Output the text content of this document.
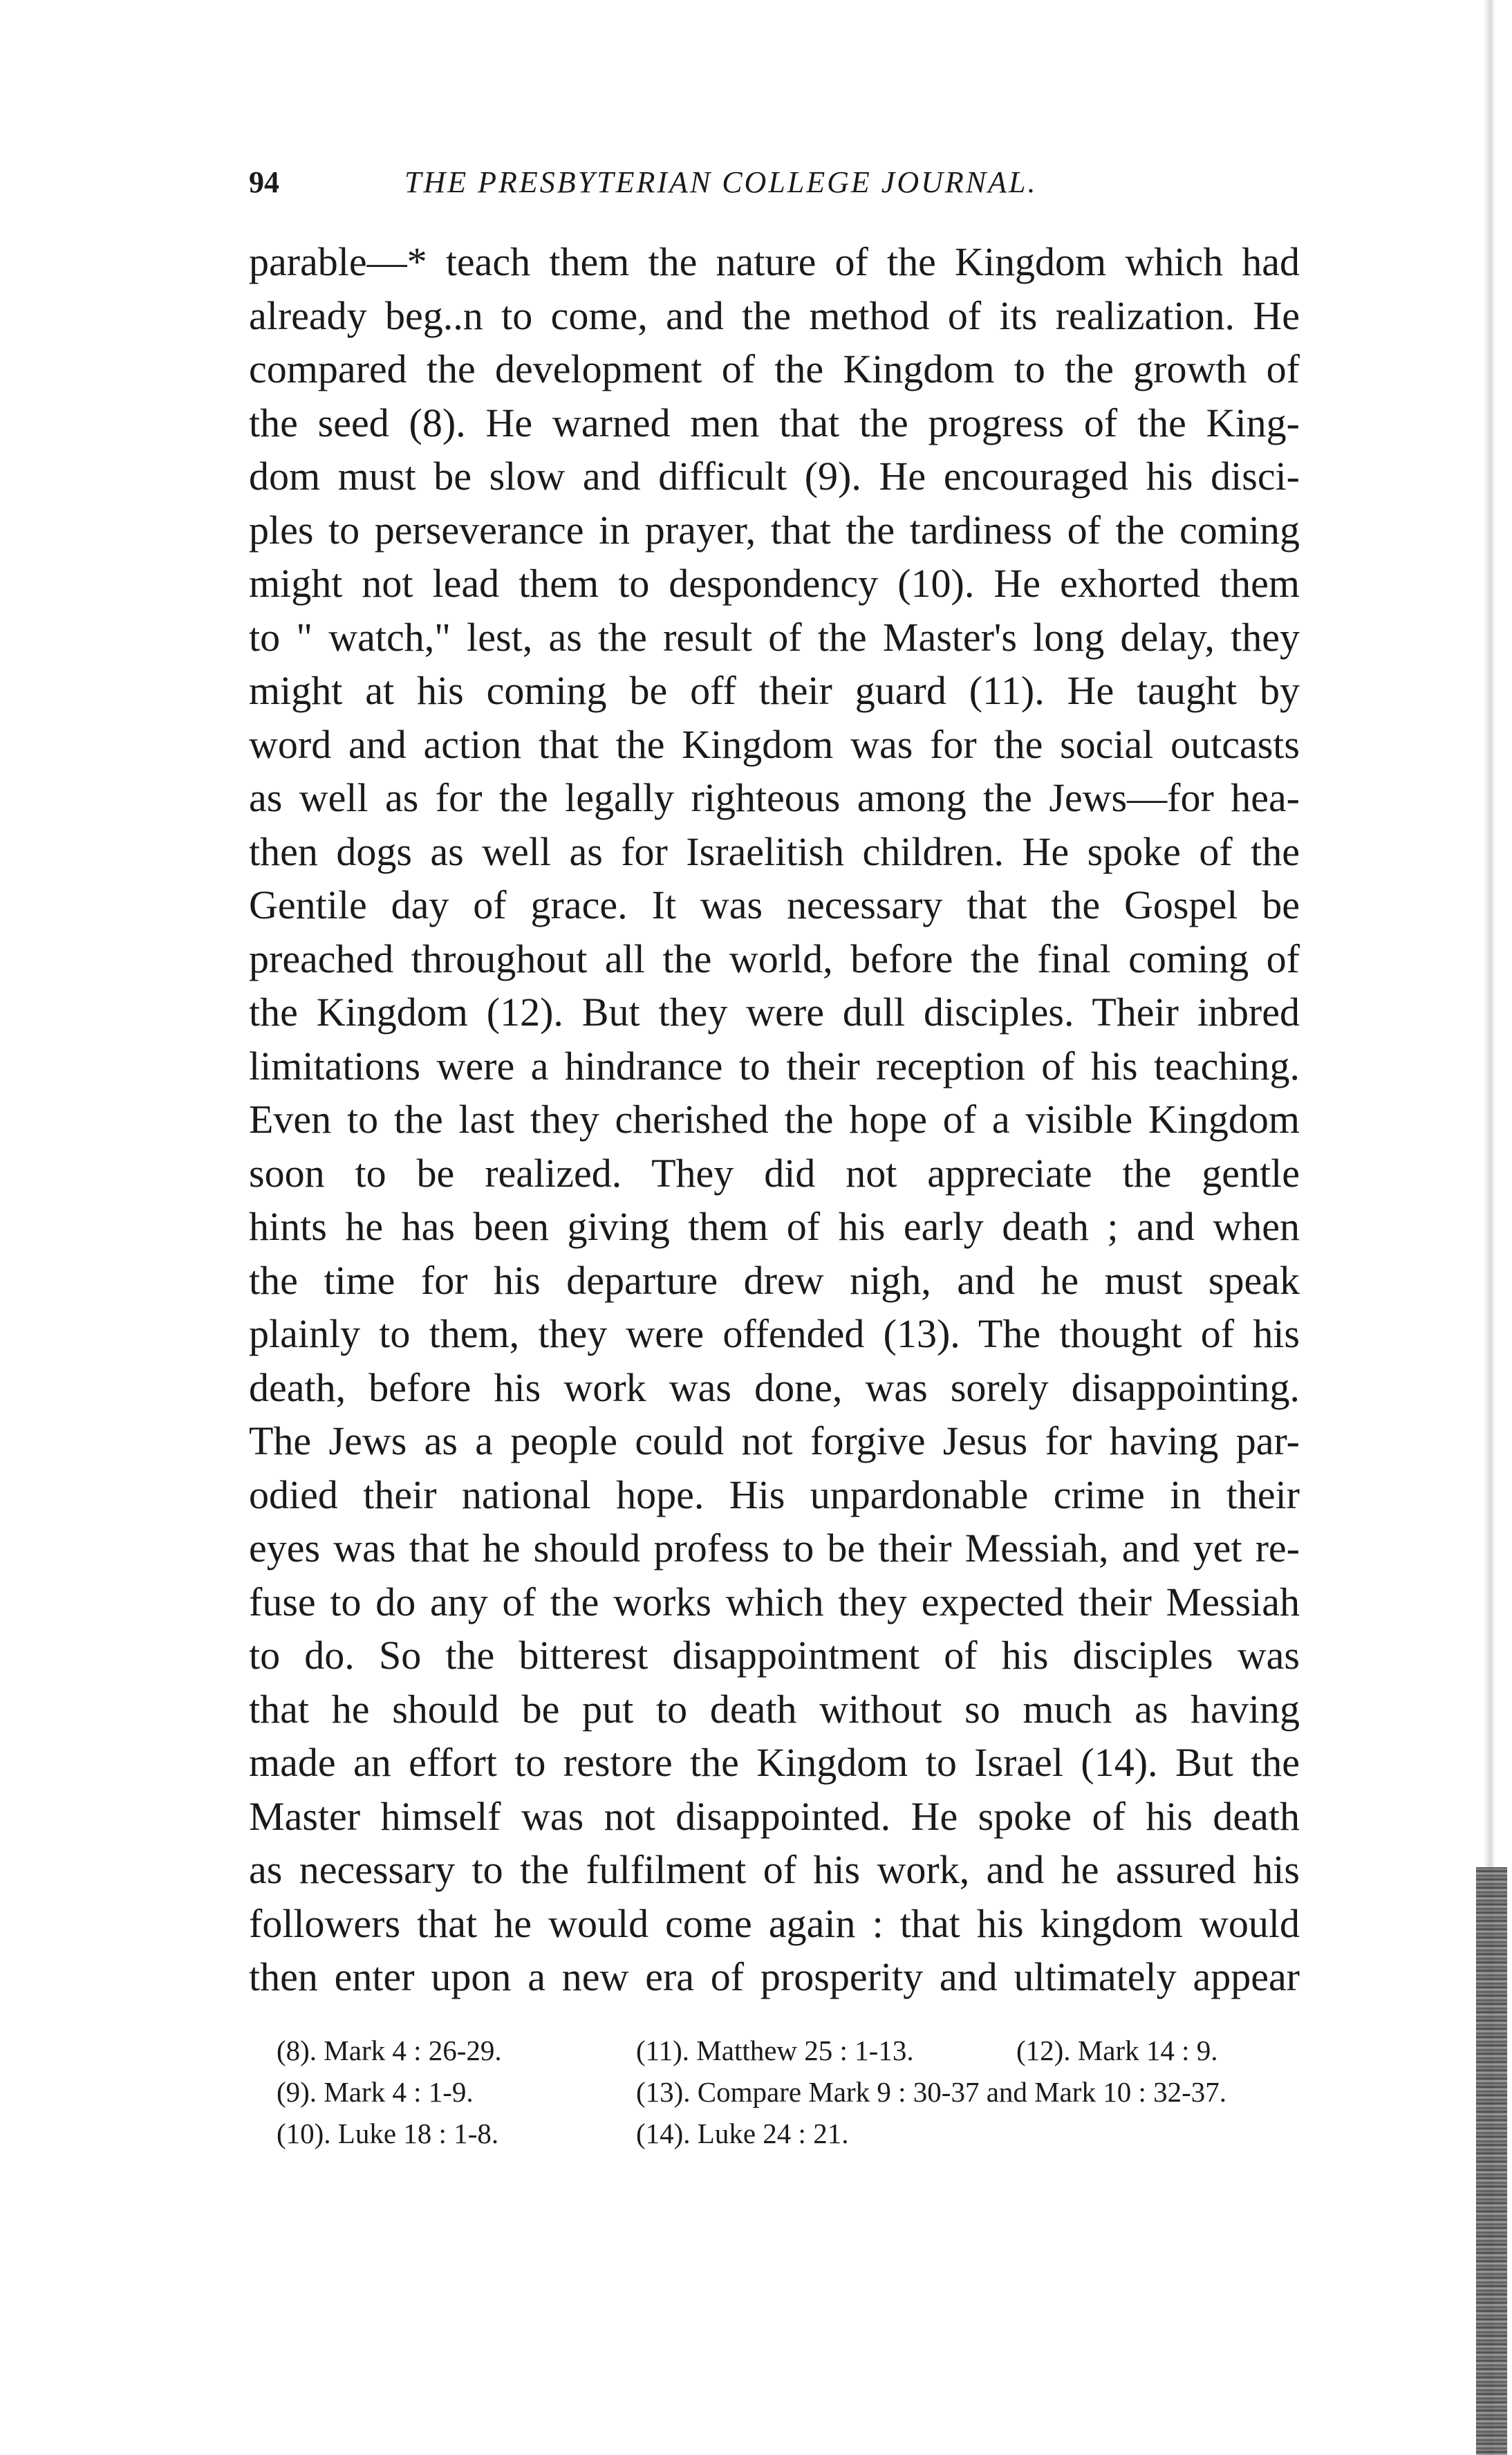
94	THE PRESBYTERIAN COLLEGE JOURNAL.
parable—* teach them the nature of the Kingdom which had
already beg..n to come, and the method of its realization. He
compared the development of the Kingdom to the growth of
the seed (8). He warned men that the progress of the King-
dom must be slow and difficult (9). He encouraged his disci-
ples to perseverance in prayer, that the tardiness of the coming
might not lead them to despondency (10). He exhorted them
to " watch," lest, as the result of the Master's long delay, they
might at his coming be off their guard (11). He taught by
word and action that the Kingdom was for the social outcasts
as well as for the legally righteous among the Jews—for hea-
then dogs as well as for Israelitish children. He spoke of the
Gentile day of grace. It was necessary that the Gospel be
preached throughout all the world, before the final coming of
the Kingdom (12). But they were dull disciples. Their inbred
limitations were a hindrance to their reception of his teaching.
Even to the last they cherished the hope of a visible Kingdom
soon to be realized. They did not appreciate the gentle
hints he has been giving them of his early death ; and when
the time for his departure drew nigh, and he must speak
plainly to them, they were offended (13). The thought of his
death, before his work was done, was sorely disappointing.
The Jews as a people could not forgive Jesus for having par-
odied their national hope. His unpardonable crime in their
eyes was that he should profess to be their Messiah, and yet re-
fuse to do any of the works which they expected their Messiah
to do. So the bitterest disappointment of his disciples was
that he should be put to death without so much as having
made an effort to restore the Kingdom to Israel (14). But the
Master himself was not disappointed. He spoke of his death
as necessary to the fulfilment of his work, and he assured his
followers that he would come again : that his kingdom would
then enter upon a new era of prosperity and ultimately appear
(8). Mark 4 : 26-29.	(11). Matthew 25 : 1-13.	(12). Mark 14 : 9.
(9). Mark 4 : 1-9.	(13). Compare Mark 9 : 30-37 and Mark 10 : 32-37.
(10). Luke 18 : 1-8.	(14). Luke 24 : 21.
